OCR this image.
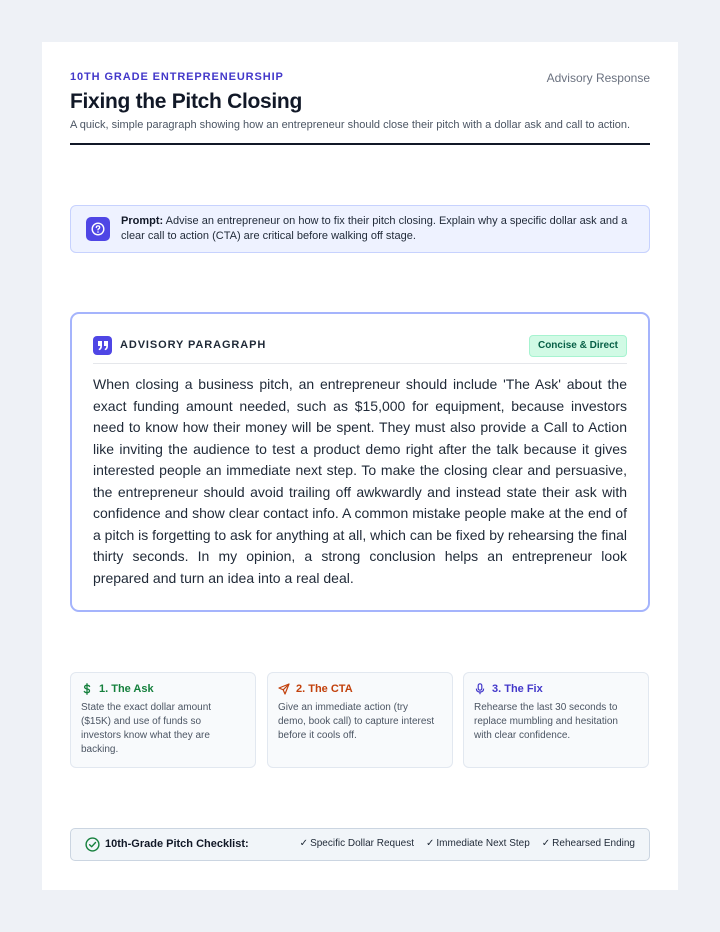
10TH GRADE ENTREPRENEURSHIP	Advisory Response
Fixing the Pitch Closing
A quick, simple paragraph showing how an entrepreneur should close their pitch with a dollar ask and call to action.
Prompt: Advise an entrepreneur on how to fix their pitch closing. Explain why a specific dollar ask and a clear call to action (CTA) are critical before walking off stage.
ADVISORY PARAGRAPH	Concise & Direct
When closing a business pitch, an entrepreneur should include 'The Ask' about the exact funding amount needed, such as $15,000 for equipment, because investors need to know how their money will be spent. They must also provide a Call to Action like inviting the audience to test a product demo right after the talk because it gives interested people an immediate next step. To make the closing clear and persuasive, the entrepreneur should avoid trailing off awkwardly and instead state their ask with confidence and show clear contact info. A common mistake people make at the end of a pitch is forgetting to ask for anything at all, which can be fixed by rehearsing the final thirty seconds. In my opinion, a strong conclusion helps an entrepreneur look prepared and turn an idea into a real deal.
1. The Ask
State the exact dollar amount ($15K) and use of funds so investors know what they are backing.
2. The CTA
Give an immediate action (try demo, book call) to capture interest before it cools off.
3. The Fix
Rehearse the last 30 seconds to replace mumbling and hesitation with clear confidence.
10th-Grade Pitch Checklist:	✓ Specific Dollar Request ✓ Immediate Next Step ✓ Rehearsed Ending
